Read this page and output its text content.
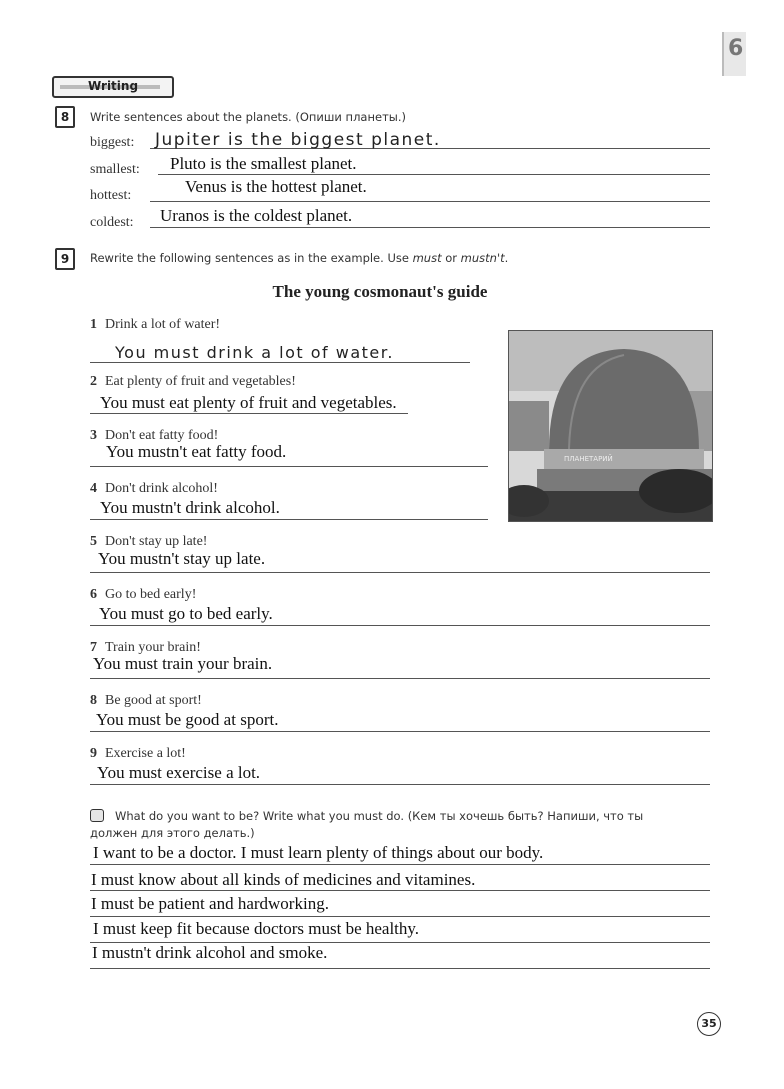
6
Writing
8	Write sentences about the planets. (Опиши планеты.)
biggest: Jupiter is the biggest planet.
smallest: Pluto is the smallest planet.
hottest:	Venus is the hottest planet.
coldest: Uranos is the coldest planet.
9	Rewrite the following sentences as in the example. Use must or mustn't.
The young cosmonaut's guide
ПЛАНЕТАРИЙ
1 Drink a lot of water!
You must drink a lot of water.
2 Eat plenty of fruit and vegetables!
You must eat plenty of fruit and vegetables.
3 Don't eat fatty food!
You mustn't eat fatty food.
4 Don't drink alcohol!
You mustn't drink alcohol.
5 Don't stay up late!
You mustn't stay up late.
6 Go to bed early!
You must go to bed early.
7 Train your brain!
You must train your brain.
8 Be good at sport!
You must be good at sport.
9 Exercise a lot!
You must exercise a lot.
What do you want to be? Write what you must do. (Кем ты хочешь быть? Напиши, что ты
должен для этого делать.)
I want to be a doctor. I must learn plenty of things about our body.
I must know about all kinds of medicines and vitamines.
I must be patient and hardworking.
I must keep fit because doctors must be healthy.
I mustn't drink alcohol and smoke.
35
